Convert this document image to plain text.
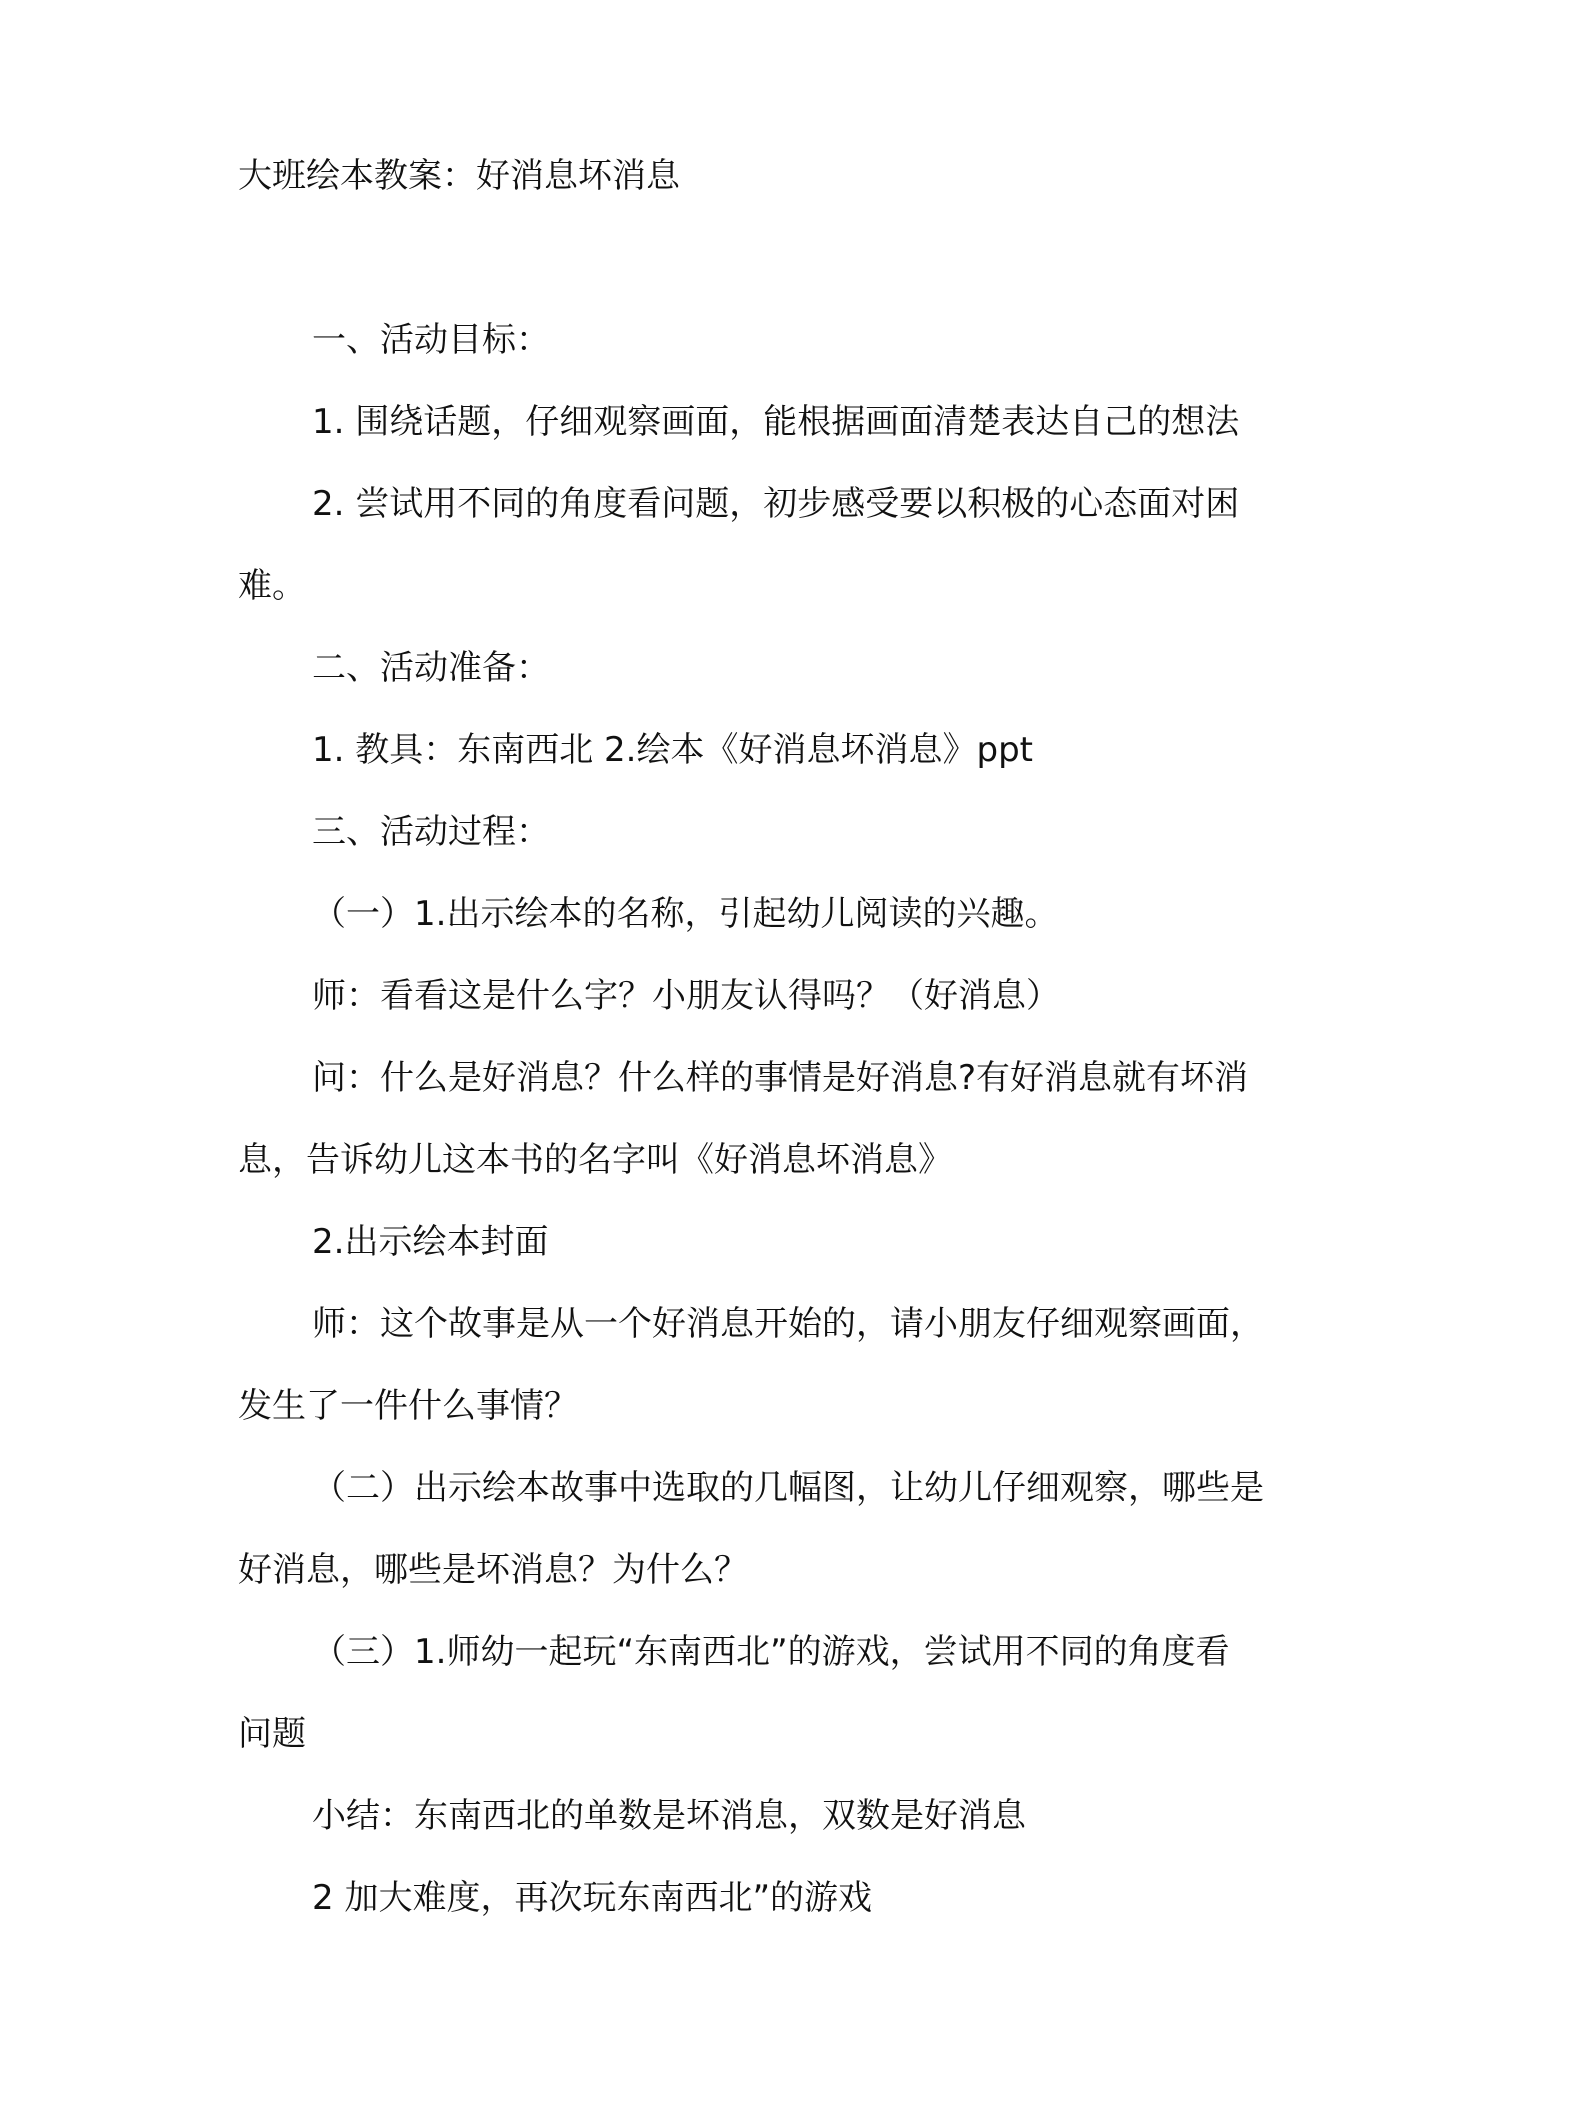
大班绘本教案：好消息坏消息
一、活动目标：
1. 围绕话题，仔细观察画面，能根据画面清楚表达自己的想法
2. 尝试用不同的角度看问题，初步感受要以积极的心态面对困
难。
二、活动准备：
1. 教具：东南西北 2.绘本《好消息坏消息》ppt
三、活动过程：
（一）1.出示绘本的名称，引起幼儿阅读的兴趣。
师：看看这是什么字？小朋友认得吗？（好消息）
问：什么是好消息？什么样的事情是好消息?有好消息就有坏消
息，告诉幼儿这本书的名字叫《好消息坏消息》
2.出示绘本封面
师：这个故事是从一个好消息开始的，请小朋友仔细观察画面，
发生了一件什么事情？
（二）出示绘本故事中选取的几幅图，让幼儿仔细观察，哪些是
好消息，哪些是坏消息？为什么？
（三）1.师幼一起玩“东南西北”的游戏，尝试用不同的角度看
问题
小结：东南西北的单数是坏消息，双数是好消息
2 加大难度，再次玩东南西北”的游戏
